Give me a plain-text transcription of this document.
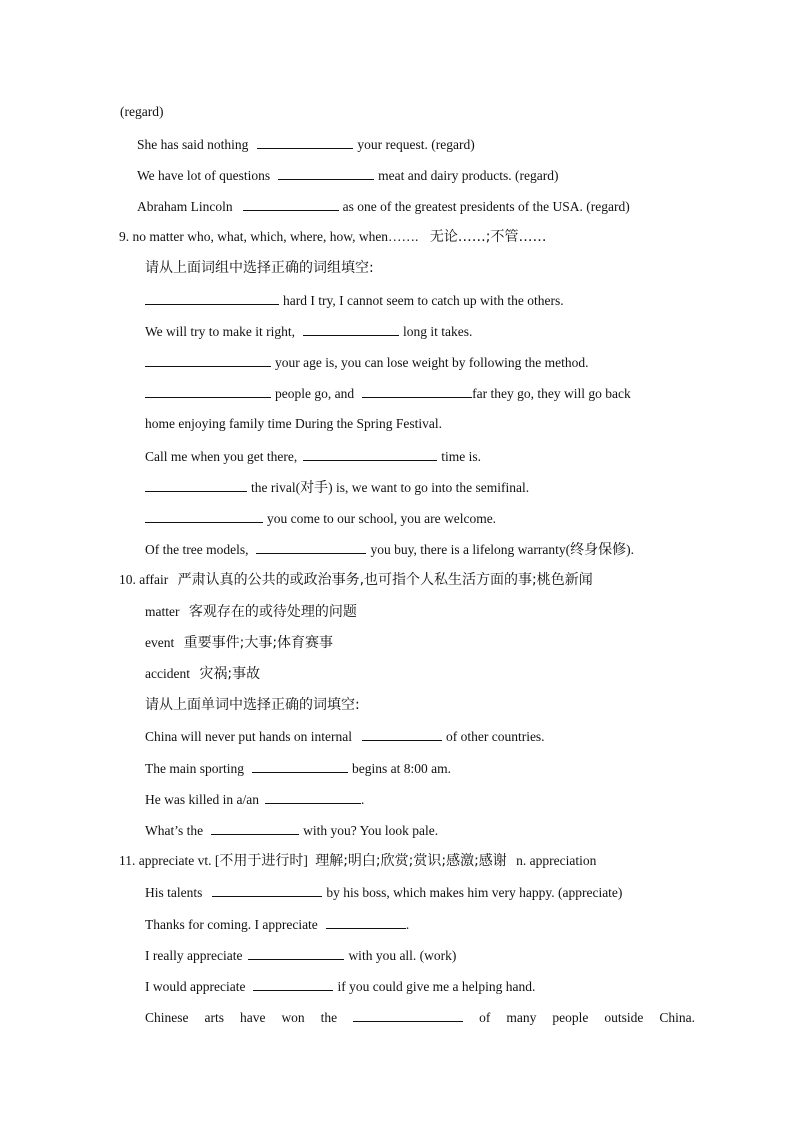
(regard)
She has said nothing	your request. (regard)
We have lot of questions	meat and dairy products. (regard)
Abraham Lincoln	as one of the greatest presidents of the USA. (regard)
9. no matter who, what, which, where, how, when……. 无论……;不管……
请从上面词组中选择正确的词组填空:
hard I try, I cannot seem to catch up with the others.
We will try to make it right,	long it takes.
your age is, you can lose weight by following the method.
people go, and	far they go, they will go back
home enjoying family time During the Spring Festival.
Call me when you get there,	time is.
the rival(对手) is, we want to go into the semifinal.
you come to our school, you are welcome.
Of the tree models,	you buy, there is a lifelong warranty(终身保修).
10. affair 严肃认真的公共的或政治事务,也可指个人私生活方面的事;桃色新闻
matter 客观存在的或待处理的问题
event 重要事件;大事;体育赛事
accident 灾祸;事故
请从上面单词中选择正确的词填空:
China will never put hands on internal	of other countries.
The main sporting	begins at 8:00 am.
He was killed in a/an	.
What’s the	with you? You look pale.
11. appreciate vt. [不用于进行时] 理解;明白;欣赏;赏识;感激;感谢 n. appreciation
His talents	by his boss, which makes him very happy. (appreciate)
Thanks for coming. I appreciate	.
I really appreciate	with you all. (work)
I would appreciate	if you could give me a helping hand.
Chinese arts have won the	of many people outside China.
